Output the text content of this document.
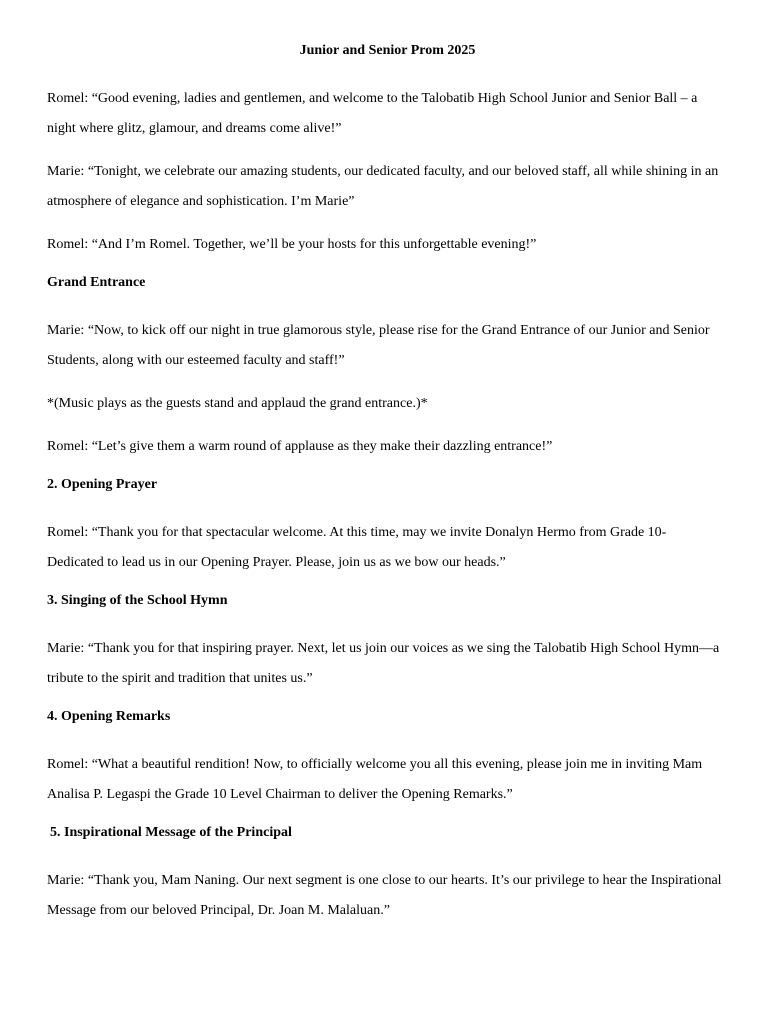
Junior and Senior Prom 2025
Romel: “Good evening, ladies and gentlemen, and welcome to the Talobatib High School Junior and Senior Ball – a night where glitz, glamour, and dreams come alive!”
Marie: “Tonight, we celebrate our amazing students, our dedicated faculty, and our beloved staff, all while shining in an atmosphere of elegance and sophistication. I’m Marie”
Romel: “And I’m Romel. Together, we’ll be your hosts for this unforgettable evening!”
Grand Entrance
Marie: “Now, to kick off our night in true glamorous style, please rise for the Grand Entrance of our Junior and Senior Students, along with our esteemed faculty and staff!”
*(Music plays as the guests stand and applaud the grand entrance.)*
Romel: “Let’s give them a warm round of applause as they make their dazzling entrance!”
2. Opening Prayer
Romel: “Thank you for that spectacular welcome. At this time, may we invite Donalyn Hermo from Grade 10-Dedicated to lead us in our Opening Prayer. Please, join us as we bow our heads.”
3. Singing of the School Hymn
Marie: “Thank you for that inspiring prayer. Next, let us join our voices as we sing the Talobatib High School Hymn—a tribute to the spirit and tradition that unites us.”
4. Opening Remarks
Romel: “What a beautiful rendition! Now, to officially welcome you all this evening, please join me in inviting Mam Analisa P. Legaspi the Grade 10 Level Chairman to deliver the Opening Remarks.”
5. Inspirational Message of the Principal
Marie: “Thank you, Mam Naning. Our next segment is one close to our hearts. It’s our privilege to hear the Inspirational Message from our beloved Principal, Dr. Joan M. Malaluan.”
